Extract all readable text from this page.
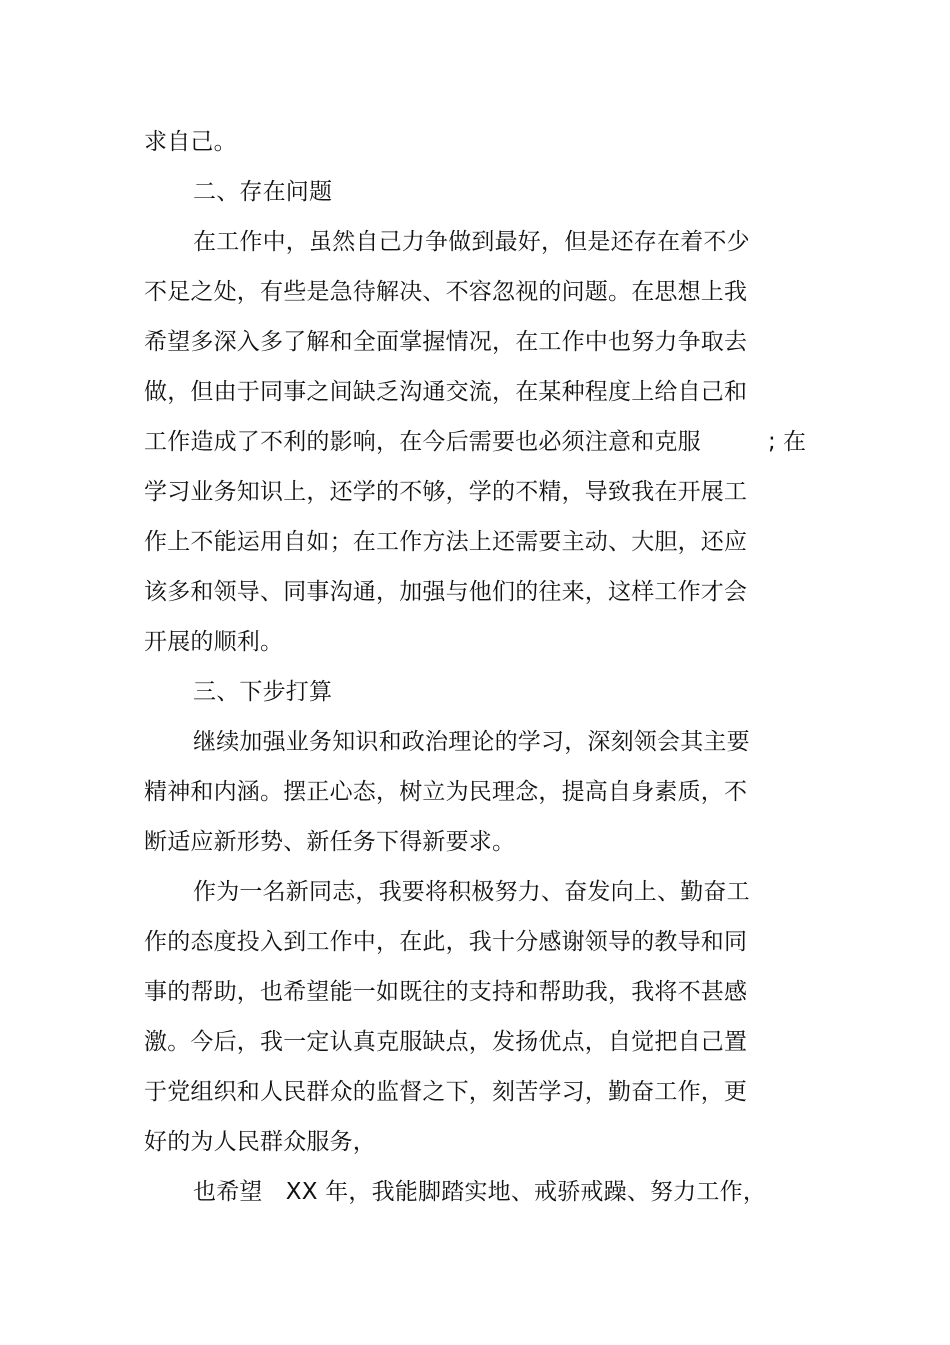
求自己。
二、存在问题
在工作中，虽然自己力争做到最好，但是还存在着不少
不足之处，有些是急待解决、不容忽视的问题。在思想上我
希望多深入多了解和全面掌握情况，在工作中也努力争取去
做，但由于同事之间缺乏沟通交流，在某种程度上给自己和
工作造成了不利的影响，在今后需要也必须注意和克服	; 在
学习业务知识上，还学的不够，学的不精，导致我在开展工
作上不能运用自如；在工作方法上还需要主动、大胆，还应
该多和领导、同事沟通，加强与他们的往来，这样工作才会
开展的顺利。
三、下步打算
继续加强业务知识和政治理论的学习，深刻领会其主要
精神和内涵。摆正心态，树立为民理念，提高自身素质，不
断适应新形势、新任务下得新要求。
作为一名新同志，我要将积极努力、奋发向上、勤奋工
作的态度投入到工作中，在此，我十分感谢领导的教导和同
事的帮助，也希望能一如既往的支持和帮助我，我将不甚感
激。今后，我一定认真克服缺点，发扬优点，自觉把自己置
于党组织和人民群众的监督之下，刻苦学习，勤奋工作，更
好的为人民群众服务，
也希望　XX 年，我能脚踏实地、戒骄戒躁、努力工作，
